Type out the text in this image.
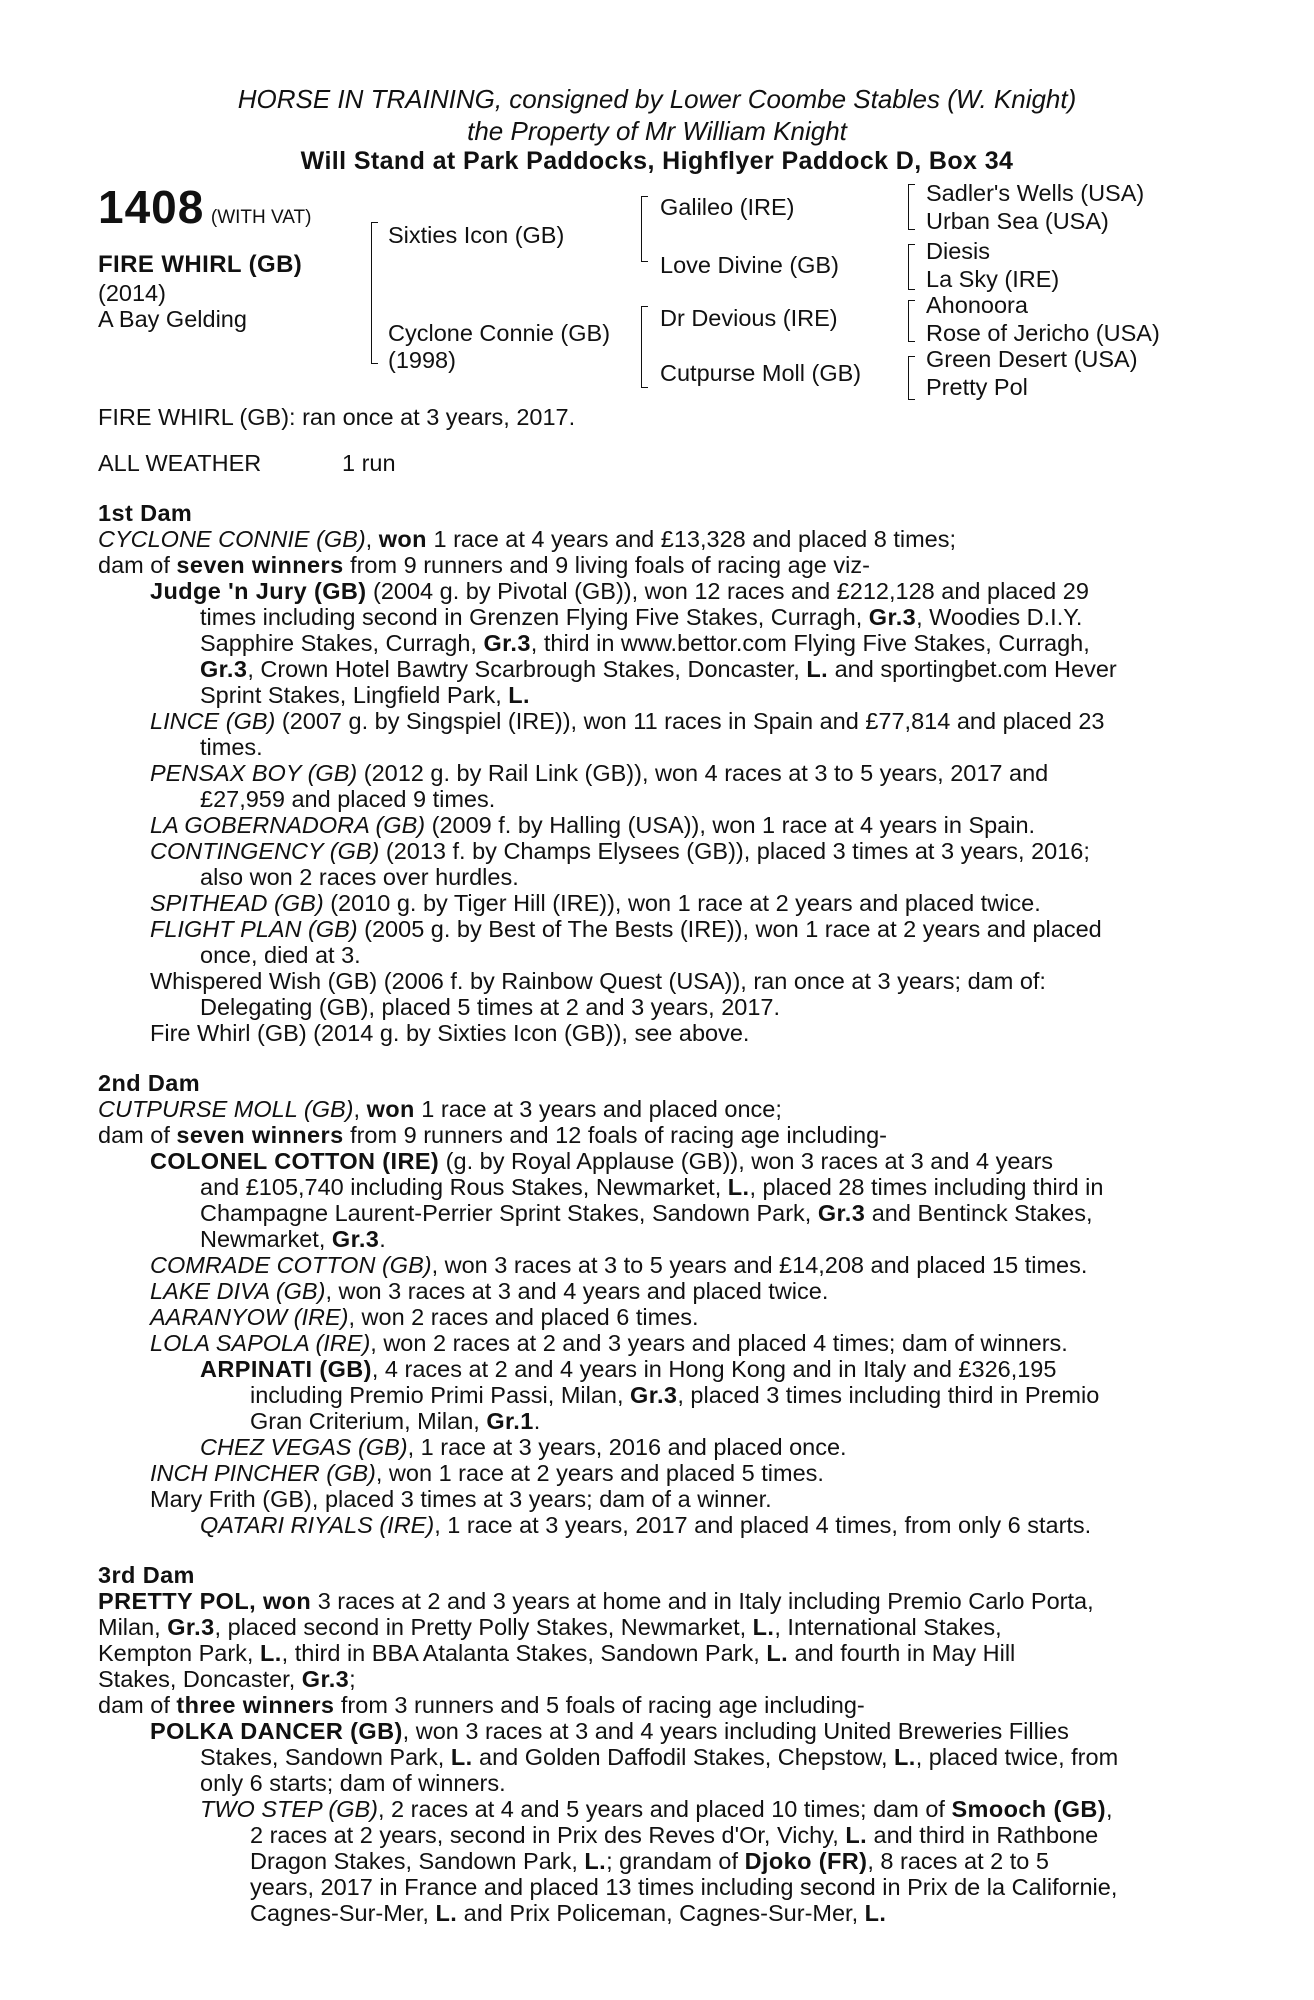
HORSE IN TRAINING, consigned by Lower Coombe Stables (W. Knight)
the Property of Mr William Knight
Will Stand at Park Paddocks, Highflyer Paddock D, Box 34
1408 (WITH VAT)
FIRE WHIRL (GB)
(2014)
A Bay Gelding
Sixties Icon (GB)
Cyclone Connie (GB)
(1998)
Galileo (IRE)
Love Divine (GB)
Dr Devious (IRE)
Cutpurse Moll (GB)
Sadler's Wells (USA)
Urban Sea (USA)
Diesis
La Sky (IRE)
Ahonoora
Rose of Jericho (USA)
Green Desert (USA)
Pretty Pol
FIRE WHIRL (GB): ran once at 3 years, 2017.
ALL WEATHER	1 run
1st Dam
CYCLONE CONNIE (GB), won 1 race at 4 years and £13,328 and placed 8 times;
dam of seven winners from 9 runners and 9 living foals of racing age viz-
Judge 'n Jury (GB) (2004 g. by Pivotal (GB)), won 12 races and £212,128 and placed 29
times including second in Grenzen Flying Five Stakes, Curragh, Gr.3, Woodies D.I.Y.
Sapphire Stakes, Curragh, Gr.3, third in www.bettor.com Flying Five Stakes, Curragh,
Gr.3, Crown Hotel Bawtry Scarbrough Stakes, Doncaster, L. and sportingbet.com Hever
Sprint Stakes, Lingfield Park, L.
LINCE (GB) (2007 g. by Singspiel (IRE)), won 11 races in Spain and £77,814 and placed 23
times.
PENSAX BOY (GB) (2012 g. by Rail Link (GB)), won 4 races at 3 to 5 years, 2017 and
£27,959 and placed 9 times.
LA GOBERNADORA (GB) (2009 f. by Halling (USA)), won 1 race at 4 years in Spain.
CONTINGENCY (GB) (2013 f. by Champs Elysees (GB)), placed 3 times at 3 years, 2016;
also won 2 races over hurdles.
SPITHEAD (GB) (2010 g. by Tiger Hill (IRE)), won 1 race at 2 years and placed twice.
FLIGHT PLAN (GB) (2005 g. by Best of The Bests (IRE)), won 1 race at 2 years and placed
once, died at 3.
Whispered Wish (GB) (2006 f. by Rainbow Quest (USA)), ran once at 3 years; dam of:
Delegating (GB), placed 5 times at 2 and 3 years, 2017.
Fire Whirl (GB) (2014 g. by Sixties Icon (GB)), see above.
2nd Dam
CUTPURSE MOLL (GB), won 1 race at 3 years and placed once;
dam of seven winners from 9 runners and 12 foals of racing age including-
COLONEL COTTON (IRE) (g. by Royal Applause (GB)), won 3 races at 3 and 4 years
and £105,740 including Rous Stakes, Newmarket, L., placed 28 times including third in
Champagne Laurent-Perrier Sprint Stakes, Sandown Park, Gr.3 and Bentinck Stakes,
Newmarket, Gr.3.
COMRADE COTTON (GB), won 3 races at 3 to 5 years and £14,208 and placed 15 times.
LAKE DIVA (GB), won 3 races at 3 and 4 years and placed twice.
AARANYOW (IRE), won 2 races and placed 6 times.
LOLA SAPOLA (IRE), won 2 races at 2 and 3 years and placed 4 times; dam of winners.
ARPINATI (GB), 4 races at 2 and 4 years in Hong Kong and in Italy and £326,195
including Premio Primi Passi, Milan, Gr.3, placed 3 times including third in Premio
Gran Criterium, Milan, Gr.1.
CHEZ VEGAS (GB), 1 race at 3 years, 2016 and placed once.
INCH PINCHER (GB), won 1 race at 2 years and placed 5 times.
Mary Frith (GB), placed 3 times at 3 years; dam of a winner.
QATARI RIYALS (IRE), 1 race at 3 years, 2017 and placed 4 times, from only 6 starts.
3rd Dam
PRETTY POL, won 3 races at 2 and 3 years at home and in Italy including Premio Carlo Porta,
Milan, Gr.3, placed second in Pretty Polly Stakes, Newmarket, L., International Stakes,
Kempton Park, L., third in BBA Atalanta Stakes, Sandown Park, L. and fourth in May Hill
Stakes, Doncaster, Gr.3;
dam of three winners from 3 runners and 5 foals of racing age including-
POLKA DANCER (GB), won 3 races at 3 and 4 years including United Breweries Fillies
Stakes, Sandown Park, L. and Golden Daffodil Stakes, Chepstow, L., placed twice, from
only 6 starts; dam of winners.
TWO STEP (GB), 2 races at 4 and 5 years and placed 10 times; dam of Smooch (GB),
2 races at 2 years, second in Prix des Reves d'Or, Vichy, L. and third in Rathbone
Dragon Stakes, Sandown Park, L.; grandam of Djoko (FR), 8 races at 2 to 5
years, 2017 in France and placed 13 times including second in Prix de la Californie,
Cagnes-Sur-Mer, L. and Prix Policeman, Cagnes-Sur-Mer, L.
